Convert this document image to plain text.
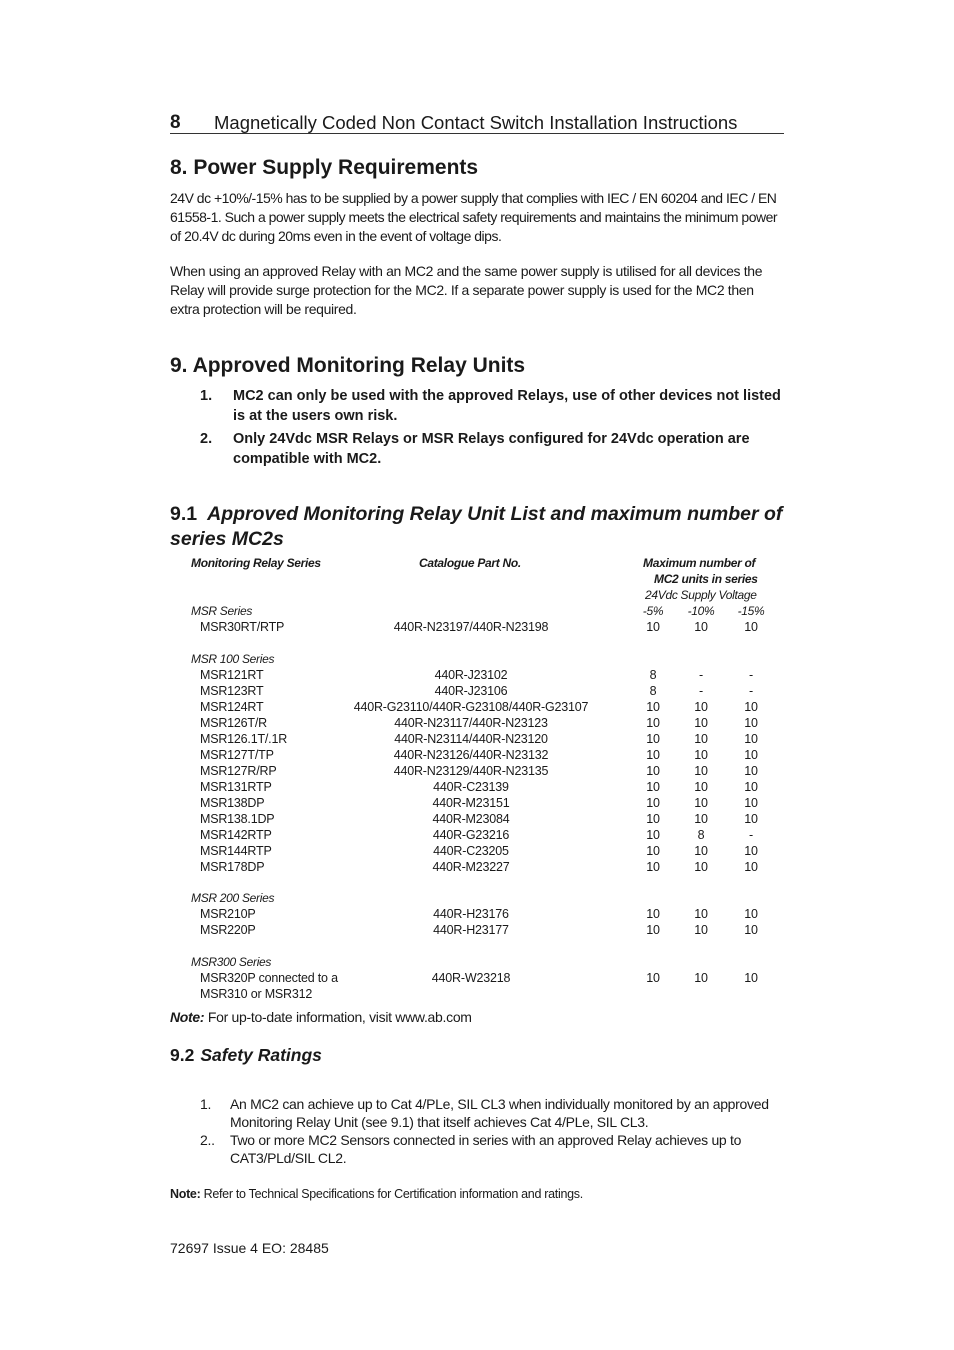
8 Magnetically Coded Non Contact Switch Installation Instructions
8. Power Supply Requirements
24V dc +10%/-15% has to be supplied by a power supply that complies with IEC / EN 60204 and IEC / EN 61558-1. Such a power supply meets the electrical safety requirements and maintains the minimum power of 20.4V dc during 20ms even in the event of voltage dips.
When using an approved Relay with an MC2 and the same power supply is utilised for all devices the Relay will provide surge protection for the MC2. If a separate power supply is used for the MC2 then extra protection will be required.
9. Approved Monitoring Relay Units
1. MC2 can only be used with the approved Relays, use of other devices not listed is at the users own risk.
2. Only 24Vdc MSR Relays or MSR Relays configured for 24Vdc operation are compatible with MC2.
9.1 Approved Monitoring Relay Unit List and maximum number of series MC2s
Monitoring Relay Series	Catalogue Part No.	Maximum number of
MC2 units in series
24Vdc Supply Voltage
-5%	-10%	-15%
MSR Series
MSR30RT/RTP	440R-N23197/440R-N23198	10	10	10
MSR 100 Series
MSR121RT	440R-J23102	8	-	-
MSR123RT	440R-J23106	8	-	-
MSR124RT	440R-G23110/440R-G23108/440R-G23107	10	10	10
MSR126T/R	440R-N23117/440R-N23123	10	10	10
MSR126.1T/.1R	440R-N23114/440R-N23120	10	10	10
MSR127T/TP	440R-N23126/440R-N23132	10	10	10
MSR127R/RP	440R-N23129/440R-N23135	10	10	10
MSR131RTP	440R-C23139	10	10	10
MSR138DP	440R-M23151	10	10	10
MSR138.1DP	440R-M23084	10	10	10
MSR142RTP	440R-G23216	10	8	-
MSR144RTP	440R-C23205	10	10	10
MSR178DP	440R-M23227	10	10	10
MSR 200 Series
MSR210P	440R-H23176	10	10	10
MSR220P	440R-H23177	10	10	10
MSR300 Series
MSR320P connected to a	440R-W23218	10	10	10
MSR310 or MSR312
Note: For up-to-date information, visit www.ab.com
9.2 Safety Ratings
1. An MC2 can achieve up to Cat 4/PLe, SIL CL3 when individually monitored by an approved Monitoring Relay Unit (see 9.1) that itself achieves Cat 4/PLe, SIL CL3.
2.. Two or more MC2 Sensors connected in series with an approved Relay achieves up to CAT3/PLd/SIL CL2.
Note: Refer to Technical Specifications for Certification information and ratings.
72697 Issue 4 EO: 28485
